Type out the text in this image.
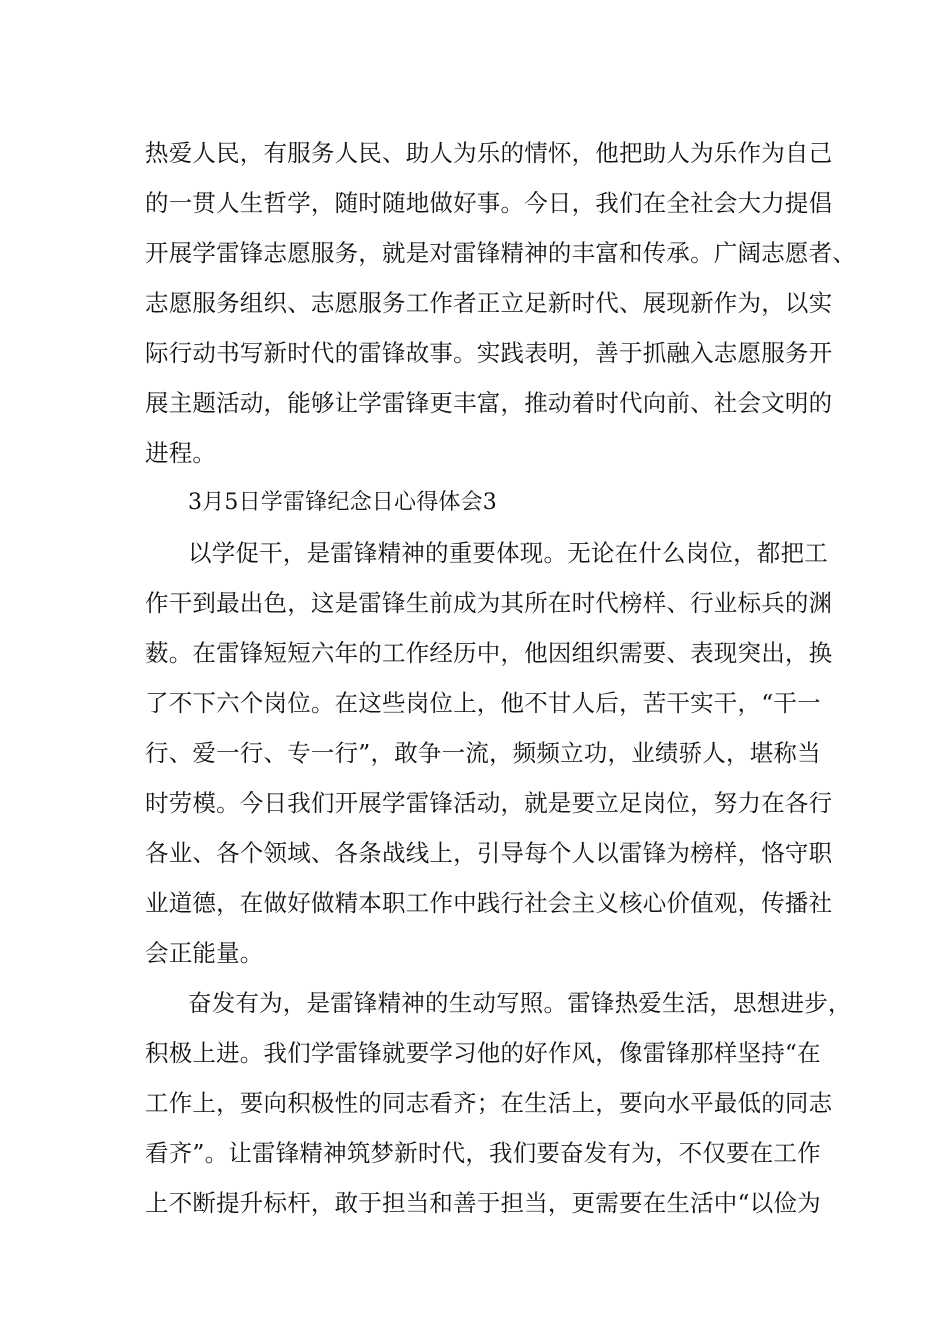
热爱人民，有服务人民、助人为乐的情怀，他把助人为乐作为自己
的一贯人生哲学，随时随地做好事。今日，我们在全社会大力提倡
开展学雷锋志愿服务，就是对雷锋精神的丰富和传承。广阔志愿者、
志愿服务组织、志愿服务工作者正立足新时代、展现新作为，以实
际行动书写新时代的雷锋故事。实践表明，善于抓融入志愿服务开
展主题活动，能够让学雷锋更丰富，推动着时代向前、社会文明的
进程。
3月5日学雷锋纪念日心得体会3
以学促干，是雷锋精神的重要体现。无论在什么岗位，都把工
作干到最出色，这是雷锋生前成为其所在时代榜样、行业标兵的渊
薮。在雷锋短短六年的工作经历中，他因组织需要、表现突出，换
了不下六个岗位。在这些岗位上，他不甘人后，苦干实干，“干一
行、爱一行、专一行”，敢争一流，频频立功，业绩骄人，堪称当
时劳模。今日我们开展学雷锋活动，就是要立足岗位，努力在各行
各业、各个领域、各条战线上，引导每个人以雷锋为榜样，恪守职
业道德，在做好做精本职工作中践行社会主义核心价值观，传播社
会正能量。
奋发有为，是雷锋精神的生动写照。雷锋热爱生活，思想进步，
积极上进。我们学雷锋就要学习他的好作风，像雷锋那样坚持“在
工作上，要向积极性的同志看齐；在生活上，要向水平最低的同志
看齐”。让雷锋精神筑梦新时代，我们要奋发有为，不仅要在工作
上不断提升标杆，敢于担当和善于担当，更需要在生活中“以俭为
